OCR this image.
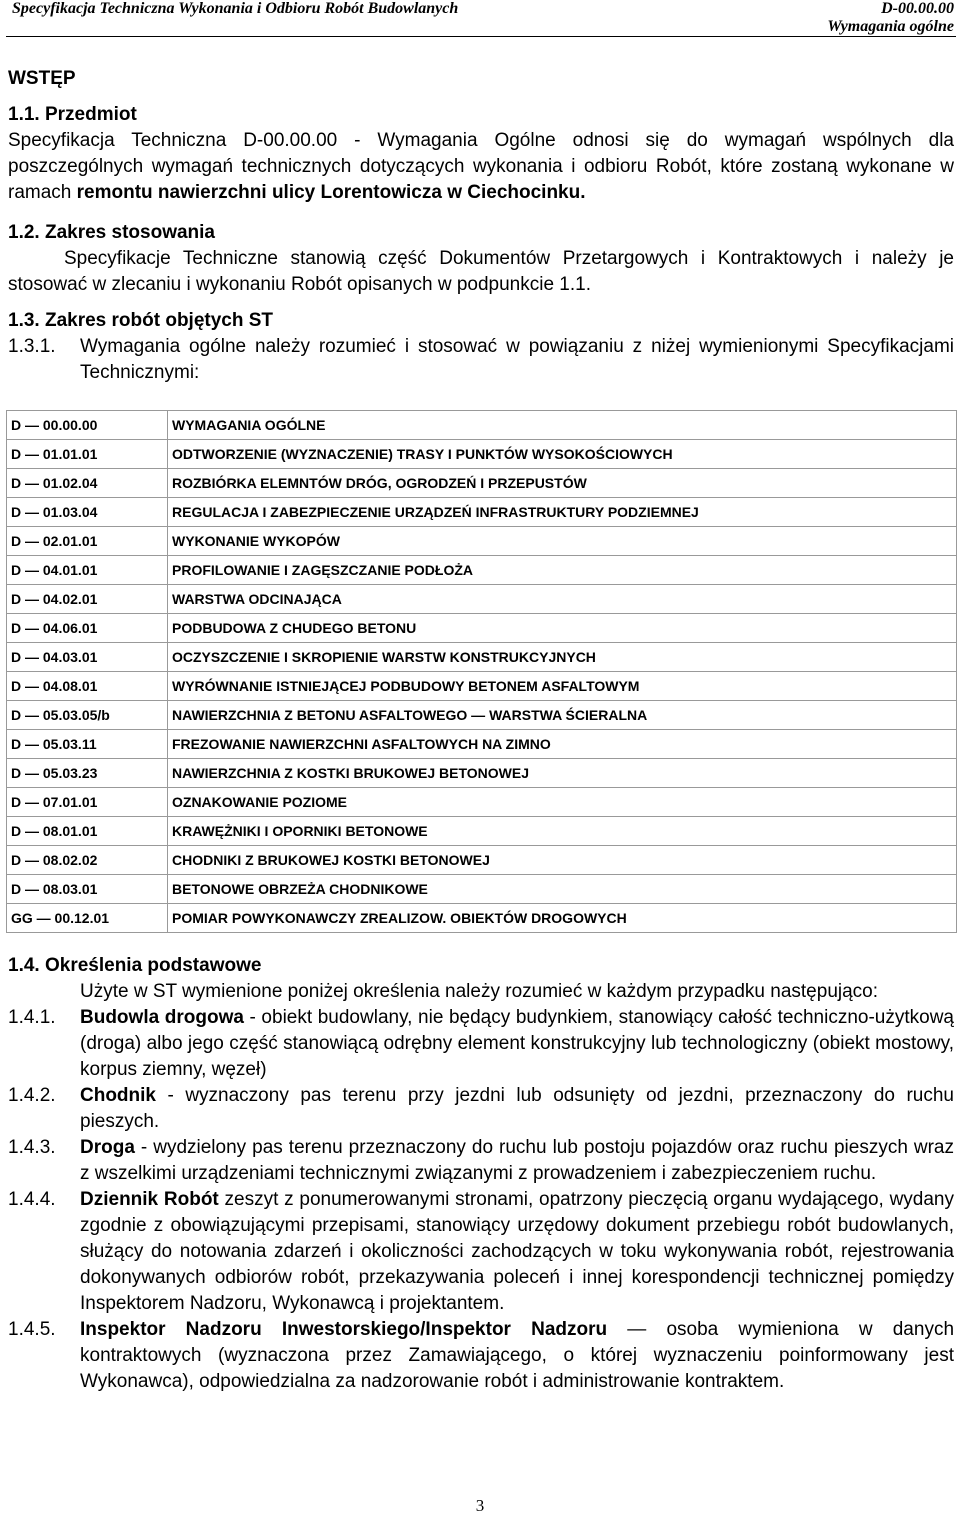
Specyfikacja Techniczna Wykonania i Odbioru Robót Budowlanych	D-00.00.00
Wymagania ogólne

WSTĘP

1.1. Przedmiot

Specyfikacja Techniczna D-00.00.00 - Wymagania Ogólne odnosi się do wymagań wspólnych dla poszczególnych wymagań technicznych dotyczących wykonania i odbioru Robót, które zostaną wykonane w ramach remontu nawierzchni ulicy Lorentowicza w Ciechocinku.

1.2. Zakres stosowania

Specyfikacje Techniczne stanowią część Dokumentów Przetargowych i Kontraktowych i należy je stosować w zlecaniu i wykonaniu Robót opisanych w podpunkcie 1.1.

1.3. Zakres robót objętych ST

1.3.1.	Wymagania ogólne należy rozumieć i stosować w powiązaniu z niżej wymienionymi Specyfikacjami Technicznymi:
D — 00.00.00	WYMAGANIA OGÓLNE
D — 01.01.01	ODTWORZENIE (WYZNACZENIE) TRASY I PUNKTÓW WYSOKOŚCIOWYCH
D — 01.02.04	ROZBIÓRKA ELEMNTÓW DRÓG, OGRODZEŃ I PRZEPUSTÓW
D — 01.03.04	REGULACJA I ZABEZPIECZENIE URZĄDZEŃ INFRASTRUKTURY PODZIEMNEJ
D — 02.01.01	WYKONANIE WYKOPÓW
D — 04.01.01	PROFILOWANIE I ZAGĘSZCZANIE PODŁOŻA
D — 04.02.01	WARSTWA ODCINAJĄCA
D — 04.06.01	PODBUDOWA Z CHUDEGO BETONU
D — 04.03.01	OCZYSZCZENIE I SKROPIENIE WARSTW KONSTRUKCYJNYCH
D — 04.08.01	WYRÓWNANIE ISTNIEJĄCEJ PODBUDOWY BETONEM ASFALTOWYM
D — 05.03.05/b	NAWIERZCHNIA Z BETONU ASFALTOWEGO — WARSTWA ŚCIERALNA
D — 05.03.11	FREZOWANIE NAWIERZCHNI ASFALTOWYCH NA ZIMNO
D — 05.03.23	NAWIERZCHNIA Z KOSTKI BRUKOWEJ BETONOWEJ
D — 07.01.01	OZNAKOWANIE POZIOME
D — 08.01.01	KRAWĘŻNIKI I OPORNIKI BETONOWE
D — 08.02.02	CHODNIKI Z BRUKOWEJ KOSTKI BETONOWEJ
D — 08.03.01	BETONOWE OBRZEŻA CHODNIKOWE
GG — 00.12.01	POMIAR POWYKONAWCZY ZREALIZOW. OBIEKTÓW DROGOWYCH

1.4. Określenia podstawowe

Użyte w ST wymienione poniżej określenia należy rozumieć w każdym przypadku następująco:

1.4.1.	Budowla drogowa - obiekt budowlany, nie będący budynkiem, stanowiący całość techniczno-użytkową (droga) albo jego część stanowiącą odrębny element konstrukcyjny lub technologiczny (obiekt mostowy, korpus ziemny, węzeł)
1.4.2.	Chodnik - wyznaczony pas terenu przy jezdni lub odsunięty od jezdni, przeznaczony do ruchu pieszych.
1.4.3.	Droga - wydzielony pas terenu przeznaczony do ruchu lub postoju pojazdów oraz ruchu pieszych wraz z wszelkimi urządzeniami technicznymi związanymi z prowadzeniem i zabezpieczeniem ruchu.
1.4.4.	Dziennik Robót zeszyt z ponumerowanymi stronami, opatrzony pieczęcią organu wydającego, wydany zgodnie z obowiązującymi przepisami, stanowiący urzędowy dokument przebiegu robót budowlanych, służący do notowania zdarzeń i okoliczności zachodzących w toku wykonywania robót, rejestrowania dokonywanych odbiorów robót, przekazywania poleceń i innej korespondencji technicznej pomiędzy Inspektorem Nadzoru, Wykonawcą i projektantem.
1.4.5.	Inspektor Nadzoru Inwestorskiego/Inspektor Nadzoru — osoba wymieniona w danych kontraktowych (wyznaczona przez Zamawiającego, o której wyznaczeniu poinformowany jest Wykonawca), odpowiedzialna za nadzorowanie robót i administrowanie kontraktem.
3
